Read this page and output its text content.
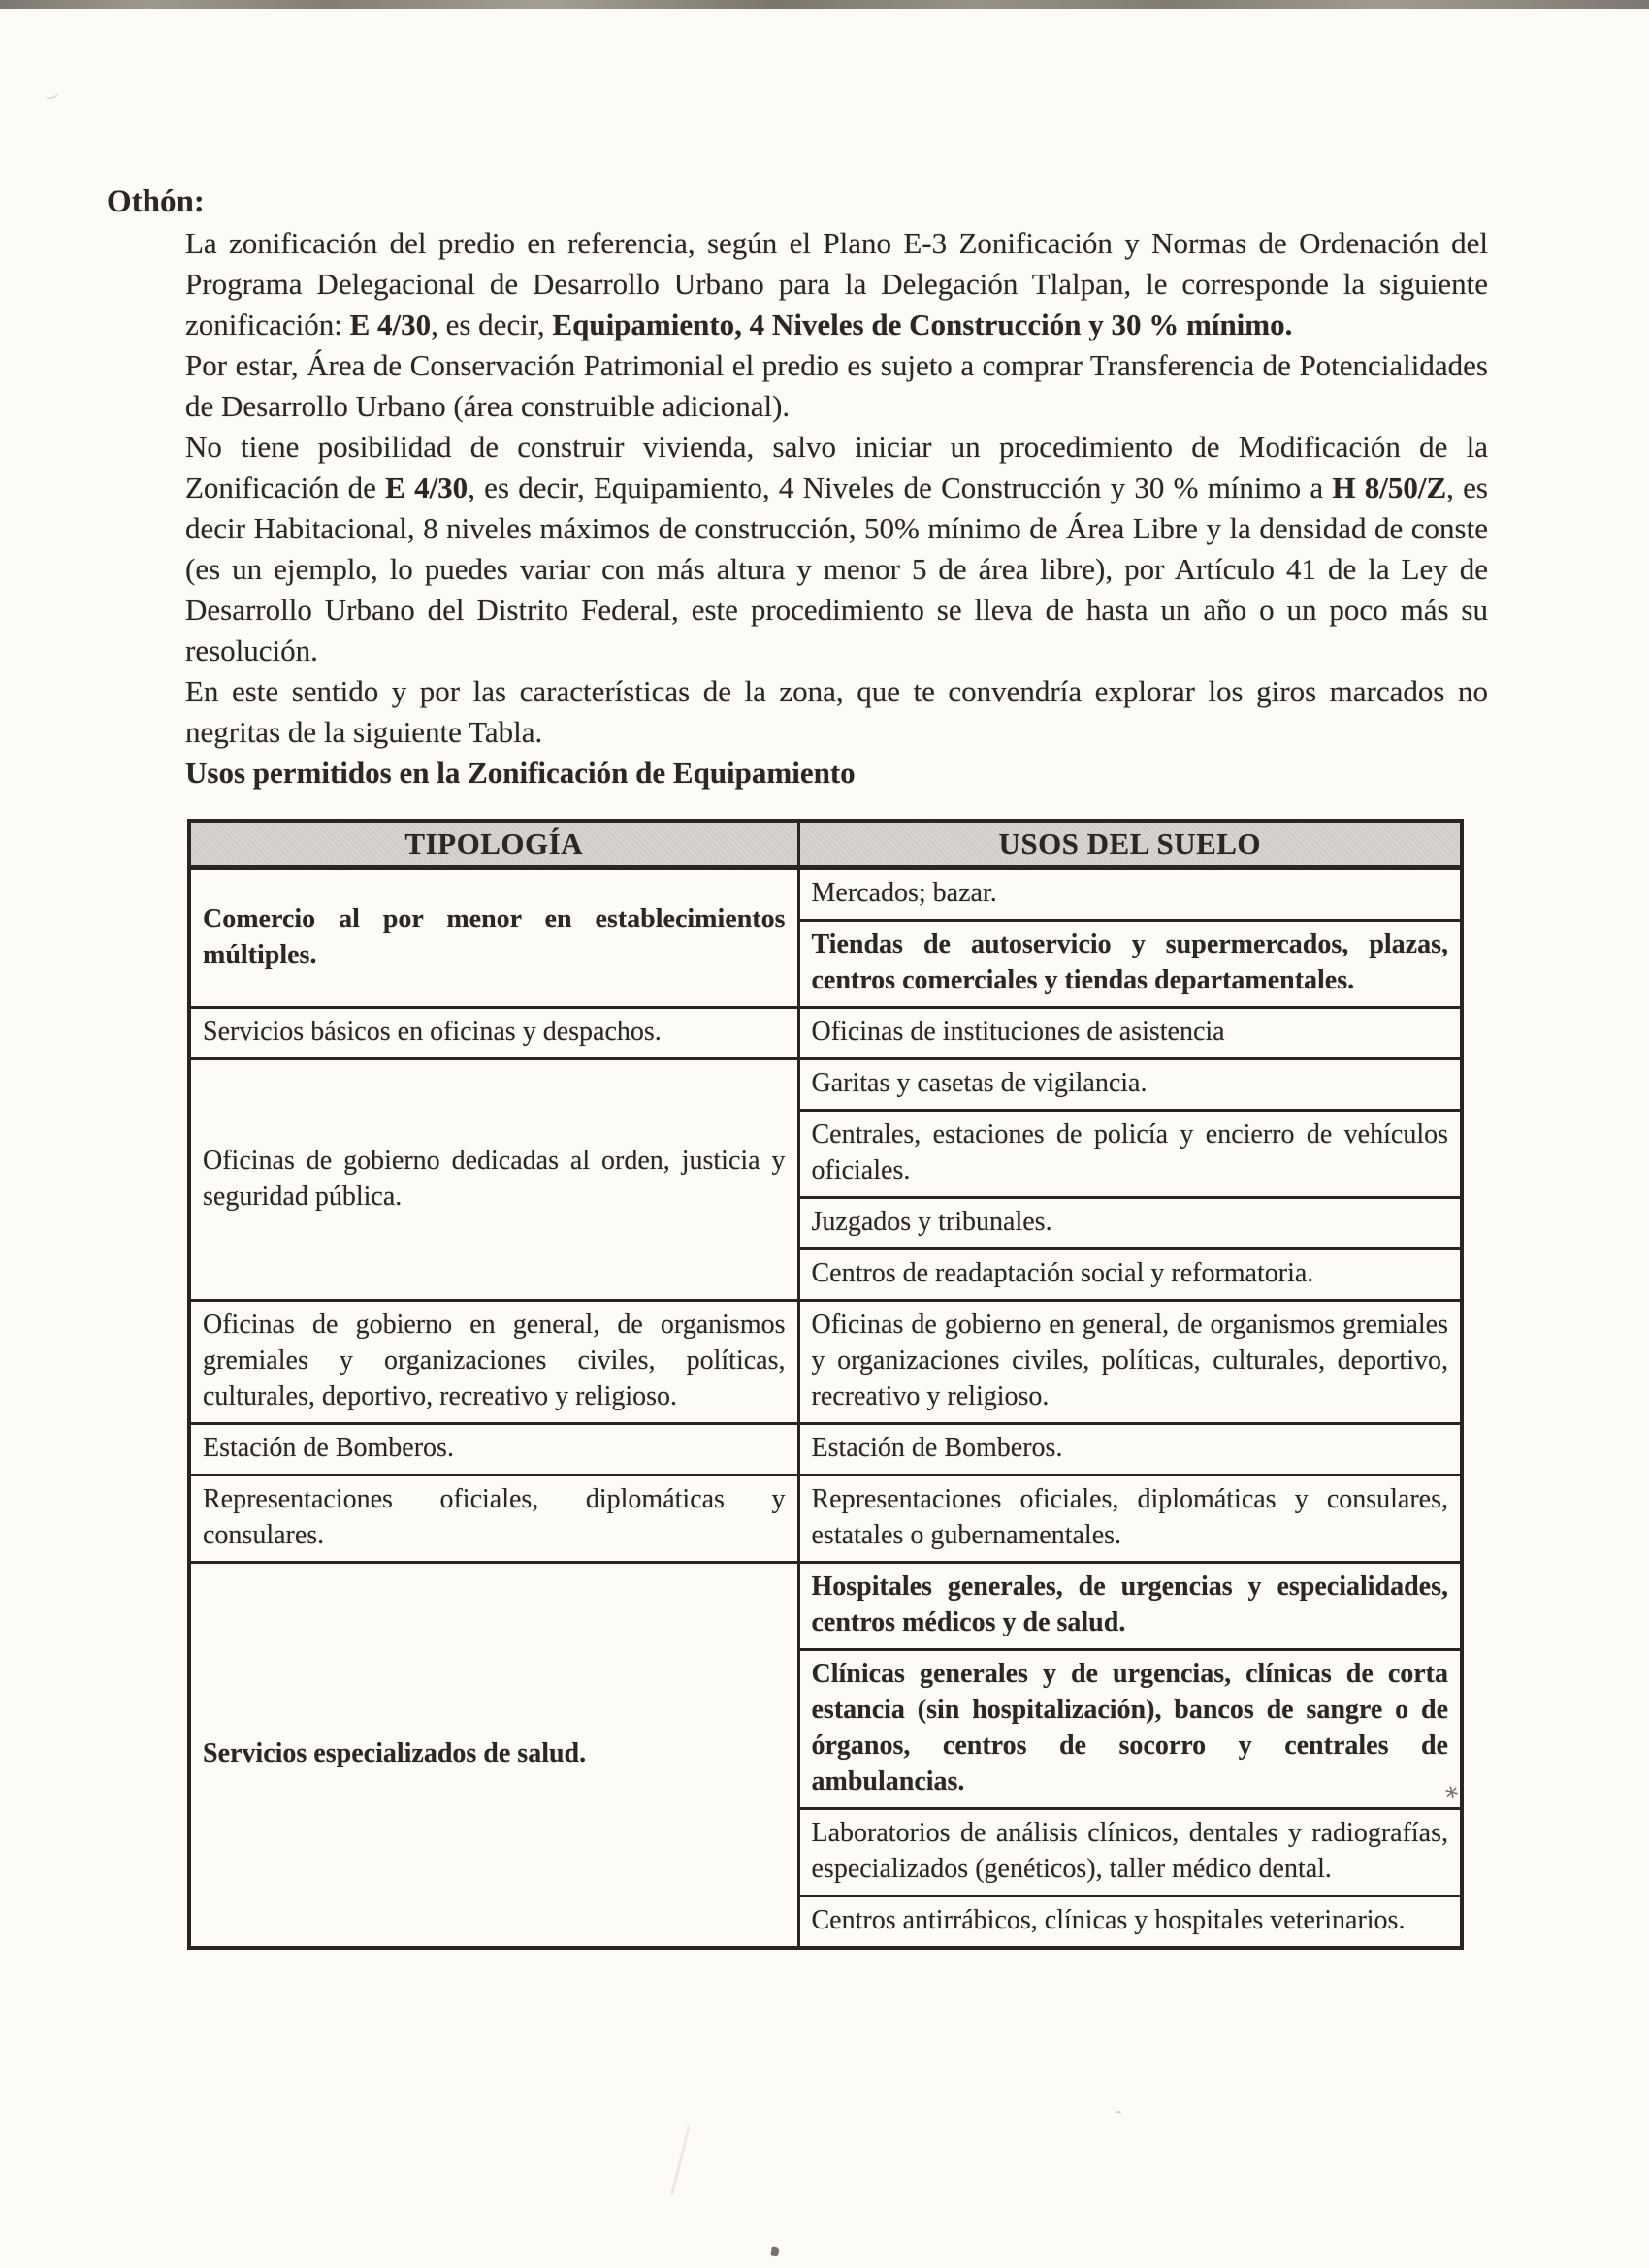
Othón:

La zonificación del predio en referencia, según el Plano E-3 Zonificación y Normas de Ordenación del Programa Delegacional de Desarrollo Urbano para la Delegación Tlalpan, le corresponde la siguiente zonificación: E 4/30, es decir, Equipamiento, 4 Niveles de Construcción y 30 % mínimo.

Por estar, Área de Conservación Patrimonial el predio es sujeto a comprar Transferencia de Potencialidades de Desarrollo Urbano (área construible adicional).

No tiene posibilidad de construir vivienda, salvo iniciar un procedimiento de Modificación de la Zonificación de E 4/30, es decir, Equipamiento, 4 Niveles de Construcción y 30 % mínimo a H 8/50/Z, es decir Habitacional, 8 niveles máximos de construcción, 50% mínimo de Área Libre y la densidad de conste (es un ejemplo, lo puedes variar con más altura y menor 5 de área libre), por Artículo 41 de la Ley de Desarrollo Urbano del Distrito Federal, este procedimiento se lleva de hasta un año o un poco más su resolución.

En este sentido y por las características de la zona, que te convendría explorar los giros marcados no negritas de la siguiente Tabla.

Usos permitidos en la Zonificación de Equipamiento

TIPOLOGÍA	USOS DEL SUELO
Comercio al por menor en establecimientos múltiples.	Mercados; bazar.
	Tiendas de autoservicio y supermercados, plazas, centros comerciales y tiendas departamentales.
Servicios básicos en oficinas y despachos.	Oficinas de instituciones de asistencia
Oficinas de gobierno dedicadas al orden, justicia y seguridad pública.	Garitas y casetas de vigilancia.
	Centrales, estaciones de policía y encierro de vehículos oficiales.
	Juzgados y tribunales.
	Centros de readaptación social y reformatoria.
Oficinas de gobierno en general, de organismos gremiales y organizaciones civiles, políticas, culturales, deportivo, recreativo y religioso.	Oficinas de gobierno en general, de organismos gremiales y organizaciones civiles, políticas, culturales, deportivo, recreativo y religioso.
Estación de Bomberos.	Estación de Bomberos.
Representaciones oficiales, diplomáticas y consulares.	Representaciones oficiales, diplomáticas y consulares, estatales o gubernamentales.
Servicios especializados de salud.	Hospitales generales, de urgencias y especialidades, centros médicos y de salud.
	Clínicas generales y de urgencias, clínicas de corta estancia (sin hospitalización), bancos de sangre o de órganos, centros de socorro y centrales de ambulancias.
	Laboratorios de análisis clínicos, dentales y radiografías, especializados (genéticos), taller médico dental.
	Centros antirrábicos, clínicas y hospitales veterinarios.
∗
